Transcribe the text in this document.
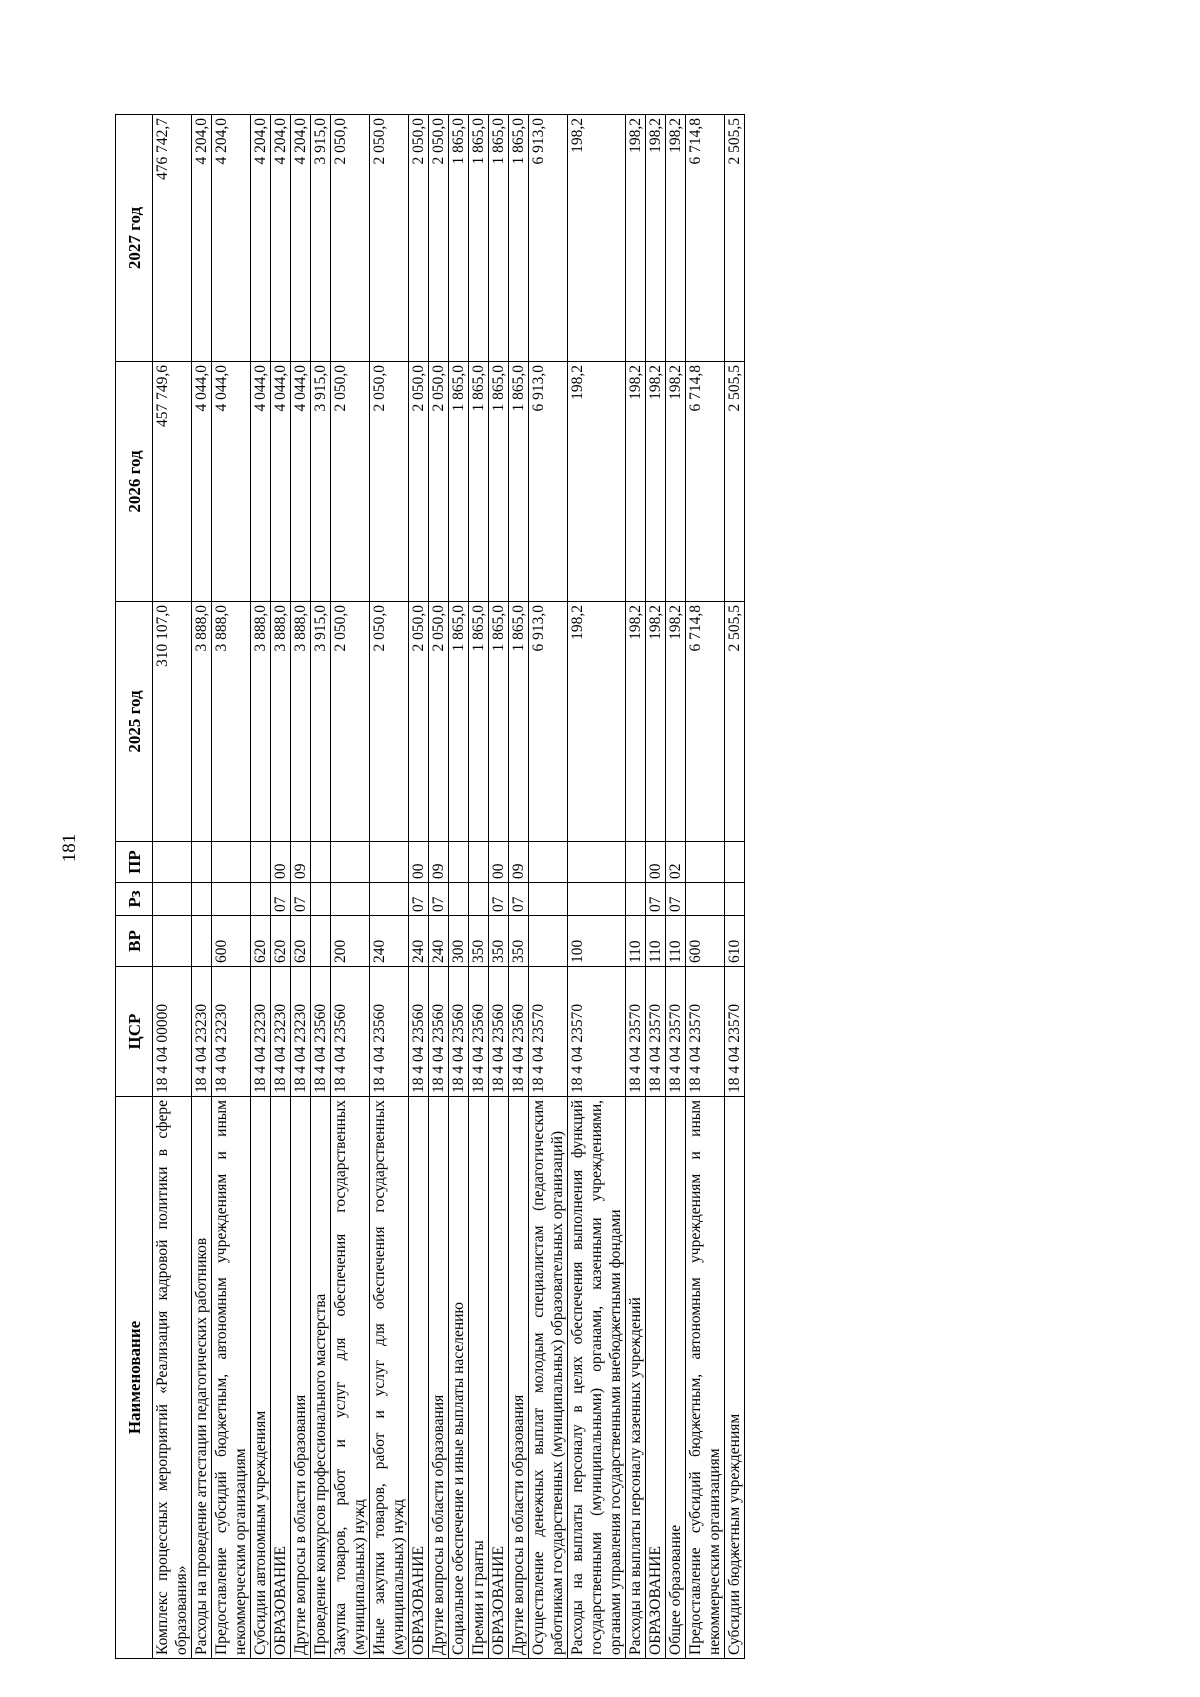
181
Наименование	ЦСР	ВР	Рз	ПР	2025 год	2026 год	2027 год
Комплекс процессных мероприятий «Реализация кадровой политики в сфере образования»	18 4 04 00000				310 107,0	457 749,6	476 742,7
Расходы на проведение аттестации педагогических работников	18 4 04 23230				3 888,0	4 044,0	4 204,0
Предоставление субсидий бюджетным, автономным учреждениям и иным некоммерческим организациям	18 4 04 23230	600			3 888,0	4 044,0	4 204,0
Субсидии автономным учреждениям	18 4 04 23230	620			3 888,0	4 044,0	4 204,0
ОБРАЗОВАНИЕ	18 4 04 23230	620	07	00	3 888,0	4 044,0	4 204,0
Другие вопросы в области образования	18 4 04 23230	620	07	09	3 888,0	4 044,0	4 204,0
Проведение конкурсов профессионального мастерства	18 4 04 23560				3 915,0	3 915,0	3 915,0
Закупка товаров, работ и услуг для обеспечения государственных (муниципальных) нужд	18 4 04 23560	200			2 050,0	2 050,0	2 050,0
Иные закупки товаров, работ и услуг для обеспечения государственных (муниципальных) нужд	18 4 04 23560	240			2 050,0	2 050,0	2 050,0
ОБРАЗОВАНИЕ	18 4 04 23560	240	07	00	2 050,0	2 050,0	2 050,0
Другие вопросы в области образования	18 4 04 23560	240	07	09	2 050,0	2 050,0	2 050,0
Социальное обеспечение и иные выплаты населению	18 4 04 23560	300			1 865,0	1 865,0	1 865,0
Премии и гранты	18 4 04 23560	350			1 865,0	1 865,0	1 865,0
ОБРАЗОВАНИЕ	18 4 04 23560	350	07	00	1 865,0	1 865,0	1 865,0
Другие вопросы в области образования	18 4 04 23560	350	07	09	1 865,0	1 865,0	1 865,0
Осуществление денежных выплат молодым специалистам (педагогическим работникам государственных (муниципальных) образовательных организаций)	18 4 04 23570				6 913,0	6 913,0	6 913,0
Расходы на выплаты персоналу в целях обеспечения выполнения функций государственными (муниципальными) органами, казенными учреждениями, органами управления государственными внебюджетными фондами	18 4 04 23570	100			198,2	198,2	198,2
Расходы на выплаты персоналу казенных учреждений	18 4 04 23570	110			198,2	198,2	198,2
ОБРАЗОВАНИЕ	18 4 04 23570	110	07	00	198,2	198,2	198,2
Общее образование	18 4 04 23570	110	07	02	198,2	198,2	198,2
Предоставление субсидий бюджетным, автономным учреждениям и иным некоммерческим организациям	18 4 04 23570	600			6 714,8	6 714,8	6 714,8
Субсидии бюджетным учреждениям	18 4 04 23570	610			2 505,5	2 505,5	2 505,5
